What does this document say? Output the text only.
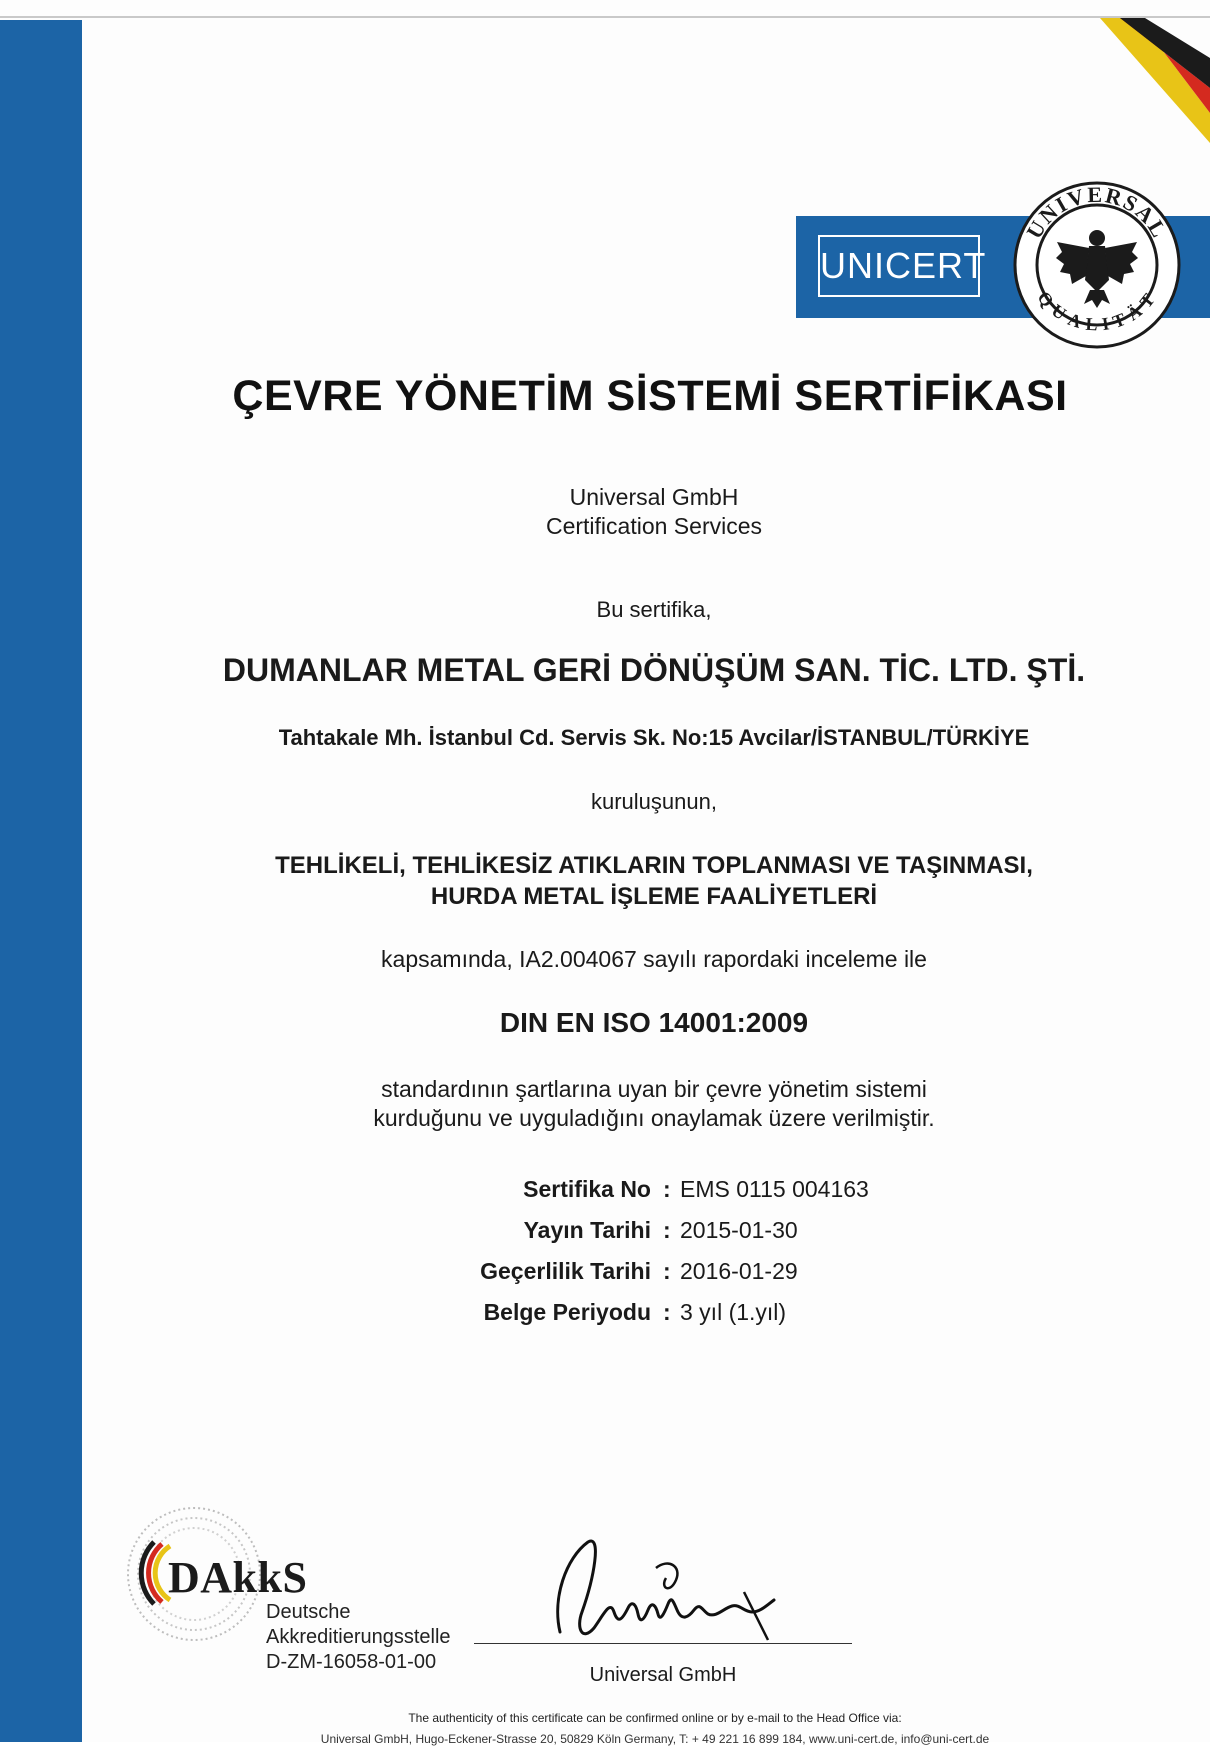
UNICERT
UNIVERSAL
QUALITÄT
ÇEVRE YÖNETİM SİSTEMİ SERTİFİKASI
Universal GmbH
Certification Services
Bu sertifika,
DUMANLAR METAL GERİ DÖNÜŞÜM SAN. TİC. LTD. ŞTİ.
Tahtakale Mh. İstanbul Cd. Servis Sk. No:15 Avcilar/İSTANBUL/TÜRKİYE
kuruluşunun,
TEHLİKELİ, TEHLİKESİZ ATIKLARIN TOPLANMASI VE TAŞINMASI,
HURDA METAL İŞLEME FAALİYETLERİ
kapsamında, IA2.004067 sayılı rapordaki inceleme ile
DIN EN ISO 14001:2009
standardının şartlarına uyan bir çevre yönetim sistemi
kurduğunu ve uyguladığını onaylamak üzere verilmiştir.
Sertifika No : EMS 0115 004163
Yayın Tarihi : 2015-01-30
Geçerlilik Tarihi : 2016-01-29
Belge Periyodu : 3 yıl (1.yıl)
DAkkS
Deutsche
Akkreditierungsstelle
D-ZM-16058-01-00
Universal GmbH
The authenticity of this certificate can be confirmed online or by e-mail to the Head Office via:
Universal GmbH, Hugo-Eckener-Strasse 20, 50829 Köln Germany, T: + 49 221 16 899 184, www.uni-cert.de, info@uni-cert.de
